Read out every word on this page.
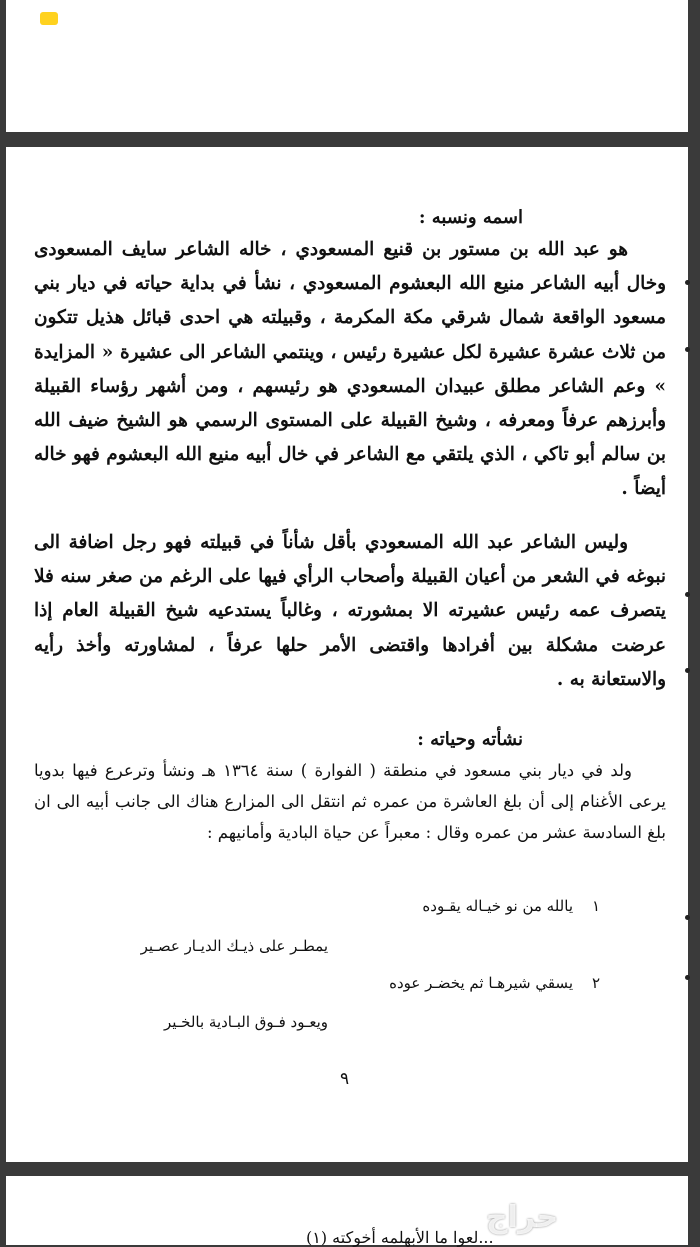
اسمه ونسبه :

هو عبد الله بن مستور بن قنيع المسعودي ، خاله الشاعر سايف المسعودى وخال أبيه الشاعر منيع الله البعشوم المسعودي ، نشأ في بداية حياته في ديار بني مسعود الواقعة شمال شرقي مكة المكرمة ، وقبيلته هي احدى قبائل هذيل تتكون من ثلاث عشرة عشيرة لكل عشيرة رئيس ، وينتمي الشاعر الى عشيرة « المزايدة » وعم الشاعر مطلق عبيدان المسعودي هو رئيسهم ، ومن أشهر رؤساء القبيلة وأبرزهم عرفاً ومعرفه ، وشيخ القبيلة على المستوى الرسمي هو الشيخ ضيف الله بن سالم أبو تاكي ، الذي يلتقي مع الشاعر في خال أبيه منيع الله البعشوم فهو خاله أيضاً .

وليس الشاعر عبد الله المسعودي بأقل شأناً في قبيلته فهو رجل اضافة الى نبوغه في الشعر من أعيان القبيلة وأصحاب الرأي فيها على الرغم من صغر سنه فلا يتصرف عمه رئيس عشيرته الا بمشورته ، وغالباً يستدعيه شيخ القبيلة العام إذا عرضت مشكلة بين أفرادها واقتضى الأمر حلها عرفاً ، لمشاورته وأخذ رأيه والاستعانة به .

نشأته وحياته :

ولد في ديار بني مسعود في منطقة ( الفوارة ) سنة ١٣٦٤ هـ ونشأ وترعرع فيها بدويا يرعى الأغنام إلى أن بلغ العاشرة من عمره ثم انتقل الى المزارع هناك الى جانب أبيه الى ان بلغ السادسة عشر من عمره وقال : معبراً عن حياة البادية وأمانيهم :

١
يالله من نو خيـاله يقـوده
يمطـر على ذيـك الديـار عصـير
٢
يسقي شيرهـا ثم يخضـر عوده
ويعـود فـوق البـادية بالخـير
٩
...لعوا ما الأبهلمه أخوكته (١)
حراج
